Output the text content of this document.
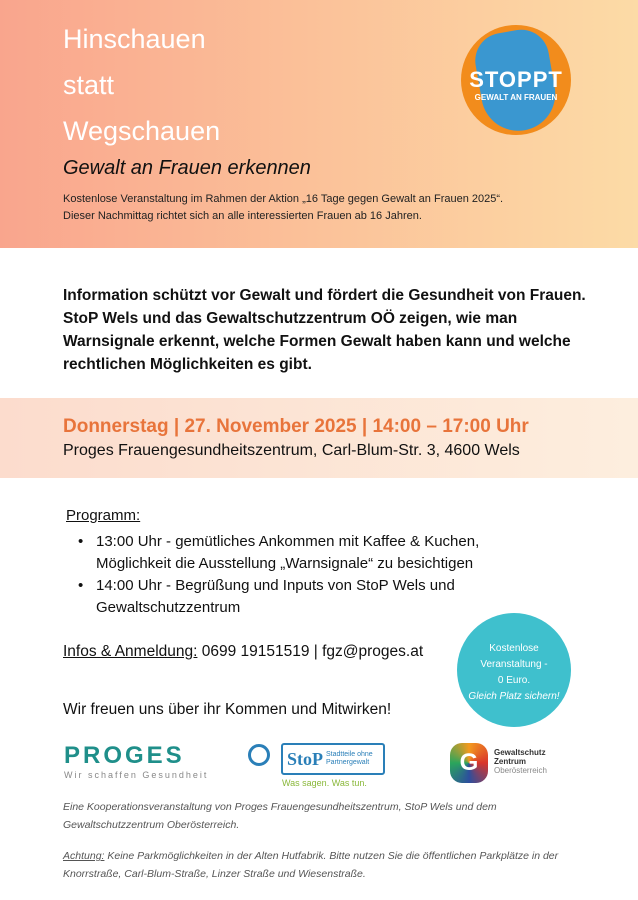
Hinschauen
statt
Wegschauen
Gewalt an Frauen erkennen
Kostenlose Veranstaltung im Rahmen der Aktion „16 Tage gegen Gewalt an Frauen 2025“.
Dieser Nachmittag richtet sich an alle interessierten Frauen ab 16 Jahren.
STOPPT
GEWALT AN FRAUEN
Information schützt vor Gewalt und fördert die Gesundheit von Frauen.
StoP Wels und das Gewaltschutzzentrum OÖ zeigen, wie man
Warnsignale erkennt, welche Formen Gewalt haben kann und welche
rechtlichen Möglichkeiten es gibt.
Donnerstag | 27. November 2025 | 14:00 – 17:00 Uhr
Proges Frauengesundheitszentrum, Carl-Blum-Str. 3, 4600 Wels
Programm:
• 13:00 Uhr - gemütliches Ankommen mit Kaffee & Kuchen, Möglichkeit die Ausstellung „Warnsignale“ zu besichtigen
• 14:00 Uhr - Begrüßung und Inputs von StoP Wels und Gewaltschutzzentrum
Infos & Anmeldung: 0699 19151519 | fgz@proges.at	Kostenlose
Veranstaltung -
0 Euro.
Gleich Platz sichern!
Wir freuen uns über ihr Kommen und Mitwirken!
PROGES
Wir schaffen Gesundheit
StoP Stadtteile ohne Partnergewalt
Was sagen. Was tun.
G	Gewaltschutz
Zentrum
Oberösterreich
Eine Kooperationsveranstaltung von Proges Frauengesundheitszentrum, StoP Wels und dem
Gewaltschutzzentrum Oberösterreich.
Achtung: Keine Parkmöglichkeiten in der Alten Hutfabrik. Bitte nutzen Sie die öffentlichen Parkplätze in der
Knorrstraße, Carl-Blum-Straße, Linzer Straße und Wiesenstraße.
